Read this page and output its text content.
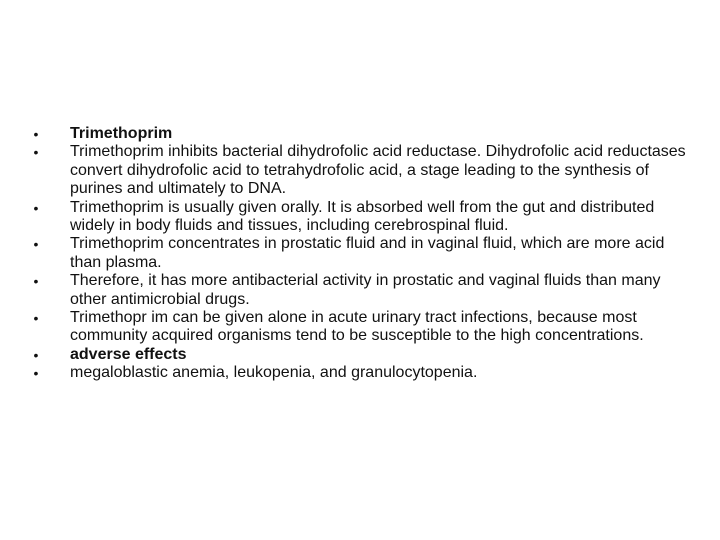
• Trimethoprim
• Trimethoprim inhibits bacterial dihydrofolic acid reductase. Dihydrofolic acid reductases convert dihydrofolic acid to tetrahydrofolic acid, a stage leading to the synthesis of purines and ultimately to DNA.
• Trimethoprim is usually given orally. It is absorbed well from the gut and distributed widely in body fluids and tissues, including cerebrospinal fluid.
• Trimethoprim concentrates in prostatic fluid and in vaginal fluid, which are more acid than plasma.
• Therefore, it has more antibacterial activity in prostatic and vaginal fluids than many other antimicrobial drugs.
• Trimethopr im can be given alone in acute urinary tract infections, because most community acquired organisms tend to be susceptible to the high concentrations.
• adverse effects
• megaloblastic anemia, leukopenia, and granulocytopenia.
